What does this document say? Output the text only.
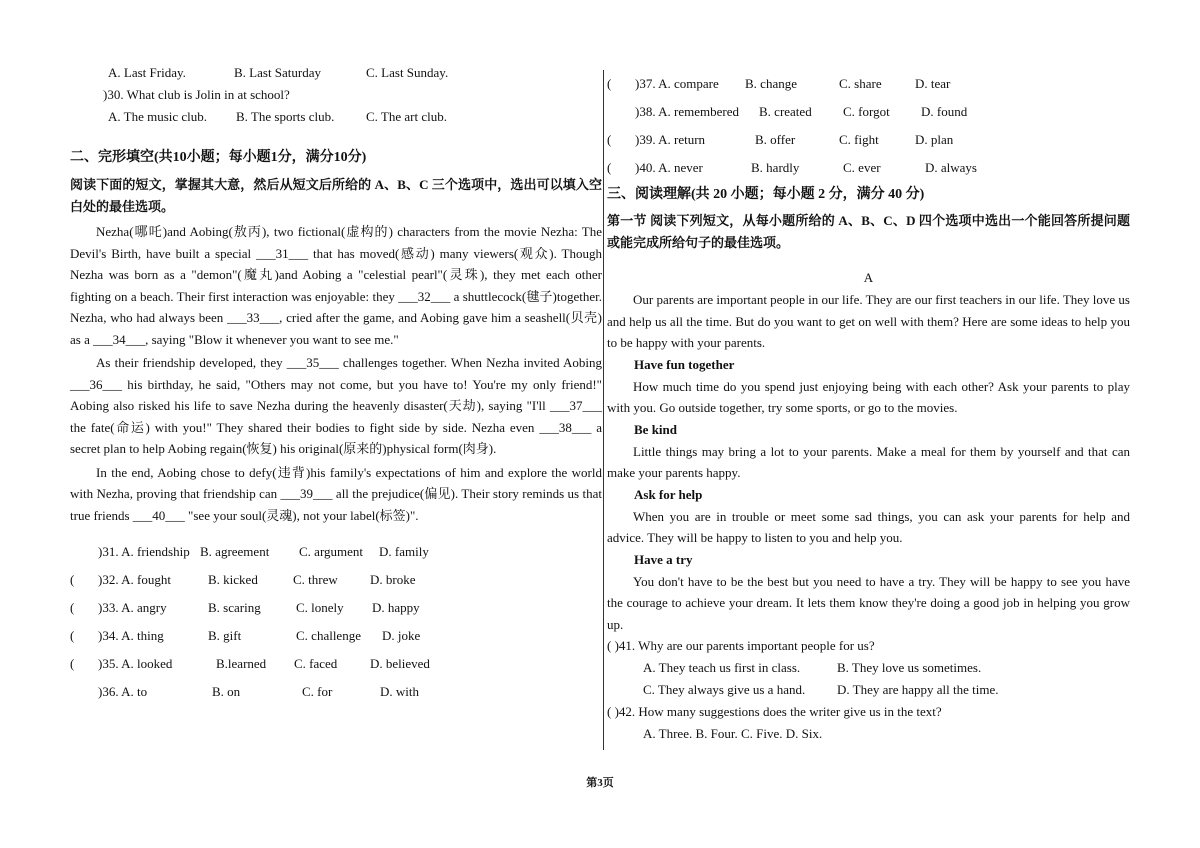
A. Last Friday.	B. Last Saturday	C. Last Sunday.
)30. What club is Jolin in at school?
A. The music club.	B. The sports club.	C. The art club.
二、完形填空(共10小题；每小题1分，满分10分)

阅读下面的短文，掌握其大意，然后从短文后所给的 A、B、C 三个选项中，选出可以填入空白处的最佳选项。

Nezha(哪吒)and Aobing(敖丙), two fictional(虚构的) characters from the movie Nezha: The Devil's Birth, have built a special ___31___ that has moved(感动) many viewers(观众). Though Nezha was born as a "demon"(魔丸)and Aobing a "celestial pearl"(灵珠), they met each other fighting on a beach. Their first interaction was enjoyable: they ___32___ a shuttlecock(毽子)together. Nezha, who had always been ___33___, cried after the game, and Aobing gave him a seashell(贝壳) as a ___34___, saying "Blow it whenever you want to see me."

As their friendship developed, they ___35___ challenges together. When Nezha invited Aobing ___36___ his birthday, he said, "Others may not come, but you have to! You're my only friend!" Aobing also risked his life to save Nezha during the heavenly disaster(天劫), saying "I'll ___37___ the fate(命运) with you!" They shared their bodies to fight side by side. Nezha even ___38___ a secret plan to help Aobing regain(恢复) his original(原来的)physical form(肉身).

In the end, Aobing chose to defy(违背)his family's expectations of him and explore the world with Nezha, proving that friendship can ___39___ all the prejudice(偏见). Their story reminds us that true friends ___40___ "see your soul(灵魂), not your label(标签)".

)31. A. friendship B. agreement	C. argument	D. family
(	)32. A. fought	B. kicked	C. threw	D. broke
(	)33. A. angry	B. scaring	C. lonely	D. happy
(	)34. A. thing	B. gift	C. challenge	D. joke
(	)35. A. looked	B.learned	C. faced	D. believed
)36. A. to	B. on	C. for	D. with
(	)37. A. compare	B. change	C. share	D. tear
)38. A. remembered	B. created	C. forgot	D. found
(	)39. A. return	B. offer	C. fight	D. plan
(	)40. A. never	B. hardly	C. ever	D. always
三、阅读理解(共 20 小题；每小题 2 分，满分 40 分)

第一节 阅读下列短文，从每小题所给的 A、B、C、D 四个选项中选出一个能回答所提问题或能完成所给句子的最佳选项。

A

Our parents are important people in our life. They are our first teachers in our life. They love us and help us all the time. But do you want to get on well with them? Here are some ideas to help you to be happy with your parents.

Have fun together

How much time do you spend just enjoying being with each other? Ask your parents to play with you. Go outside together, try some sports, or go to the movies.

Be kind

Little things may bring a lot to your parents. Make a meal for them by yourself and that can make your parents happy.

Ask for help

When you are in trouble or meet some sad things, you can ask your parents for help and advice. They will be happy to listen to you and help you.

Have a try

You don't have to be the best but you need to have a try. They will be happy to see you have the courage to achieve your dream. It lets them know they're doing a good job in helping you grow up.

( )41. Why are our parents important people for us?
A. They teach us first in class.	B. They love us sometimes.
C. They always give us a hand.	D. They are happy all the time.
( )42. How many suggestions does the writer give us in the text?
A. Three. B. Four. C. Five. D. Six.
第3页
